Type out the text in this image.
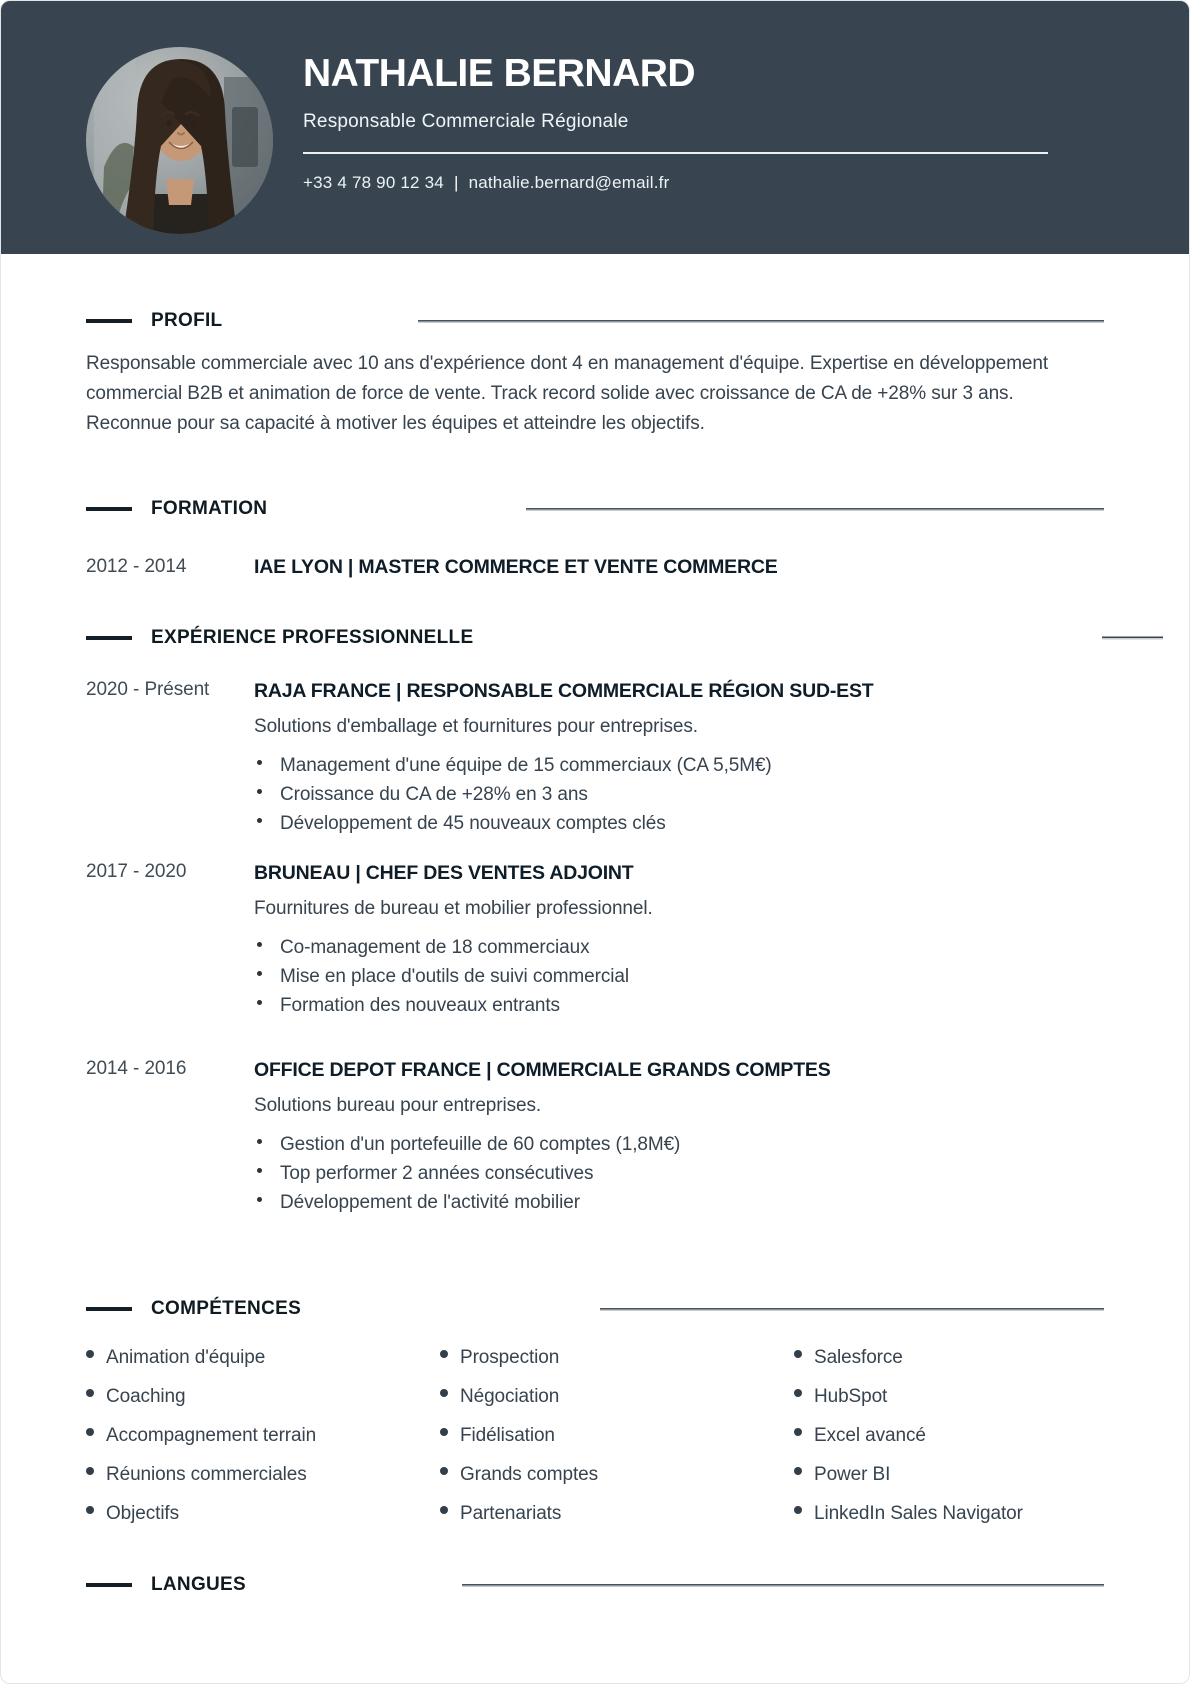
NATHALIE BERNARD
Responsable Commerciale Régionale
+33 4 78 90 12 34 | nathalie.bernard@email.fr
PROFIL

Responsable commerciale avec 10 ans d'expérience dont 4 en management d'équipe. Expertise en développement commercial B2B et animation de force de vente. Track record solide avec croissance de CA de +28% sur 3 ans. Reconnue pour sa capacité à motiver les équipes et atteindre les objectifs.

FORMATION
2012 - 2014	IAE LYON | MASTER COMMERCE ET VENTE COMMERCE
EXPÉRIENCE PROFESSIONNELLE
2020 - Présent	RAJA FRANCE | RESPONSABLE COMMERCIALE RÉGION SUD-EST
Solutions d'emballage et fournitures pour entreprises.
Management d'une équipe de 15 commerciaux (CA 5,5M€)
Croissance du CA de +28% en 3 ans
Développement de 45 nouveaux comptes clés
2017 - 2020	BRUNEAU | CHEF DES VENTES ADJOINT
Fournitures de bureau et mobilier professionnel.
Co-management de 18 commerciaux
Mise en place d'outils de suivi commercial
Formation des nouveaux entrants
2014 - 2016	OFFICE DEPOT FRANCE | COMMERCIALE GRANDS COMPTES
Solutions bureau pour entreprises.
Gestion d'un portefeuille de 60 comptes (1,8M€)
Top performer 2 années consécutives
Développement de l'activité mobilier
COMPÉTENCES
Animation d'équipe	Prospection	Salesforce
Coaching	Négociation	HubSpot
Accompagnement terrain	Fidélisation	Excel avancé
Réunions commerciales	Grands comptes	Power BI
Objectifs	Partenariats	LinkedIn Sales Navigator
LANGUES
